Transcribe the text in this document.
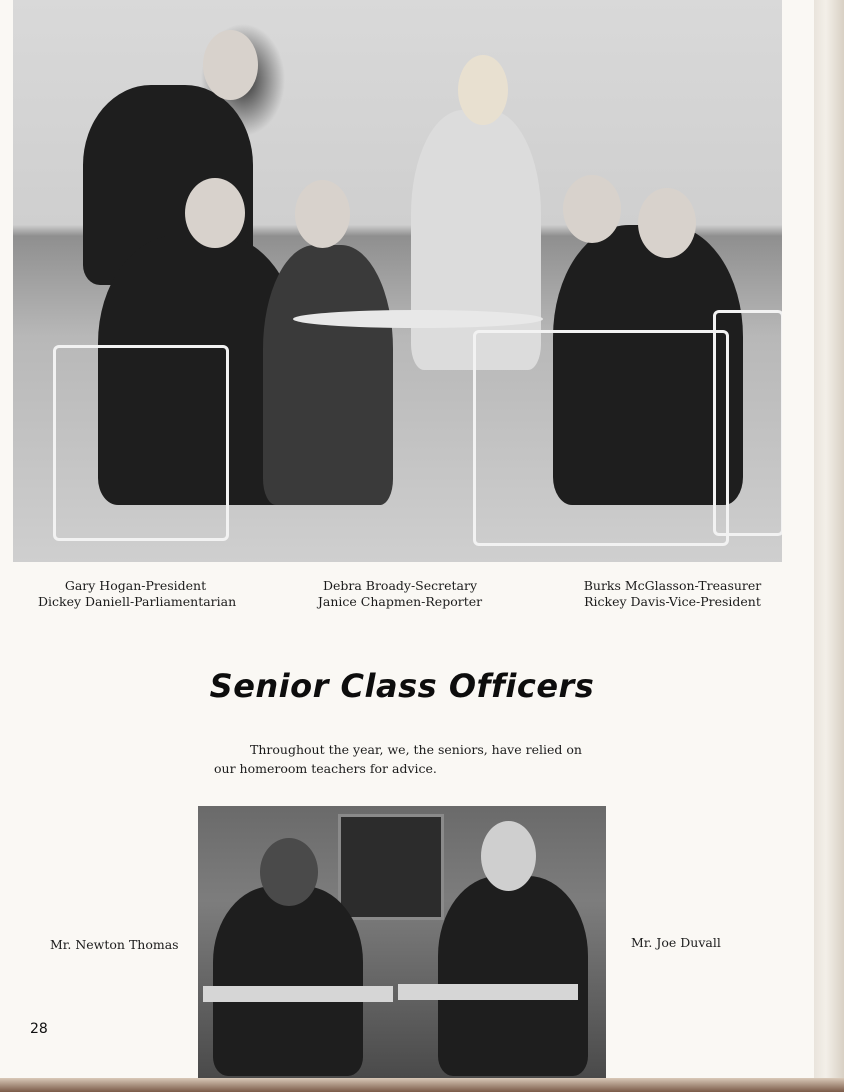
Gary Hogan-President
Dickey Daniell-Parliamentarian
Debra Broady-Secretary
Janice Chapmen-Reporter
Burks McGlasson-Treasurer
Rickey Davis-Vice-President
Senior Class Officers
Throughout the year, we, the seniors, have relied on our homeroom teachers for advice.
Mr. Newton Thomas	Mr. Joe Duvall
28
